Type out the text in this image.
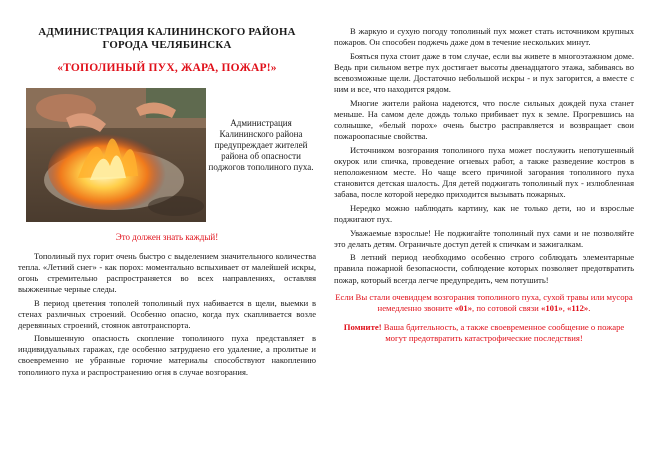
АДМИНИСТРАЦИЯ КАЛИНИНСКОГО РАЙОНА
ГОРОДА ЧЕЛЯБИНСКА
«ТОПОЛИНЫЙ ПУХ, ЖАРА, ПОЖАР!»
Администрация Калининского района предупреждает жителей района об опасности поджогов тополиного пуха.
Это должен знать каждый!

Тополиный пух горит очень быстро с выделением значительного количества тепла. «Летний снег» - как порох: моментально вспыхивает от малейшей искры, огонь стремительно распространяется во всех направлениях, оставляя выжженные черные следы.

В период цветения тополей тополиный пух набивается в щели, выемки в стенах различных строений. Особенно опасно, когда пух скапливается возле деревянных строений, стоянок автотранспорта.

Повышенную опасность скопление тополиного пуха представляет в индивидуальных гаражах, где особенно затруднено его удаление, а пролитые и своевременно не убранные горючие материалы способствуют накоплению тополиного пуха и распространению огня в случае возгорания.

В жаркую и сухую погоду тополиный пух может стать источником крупных пожаров. Он способен поджечь даже дом в течение нескольких минут.

Бояться пуха стоит даже в том случае, если вы живете в многоэтажном доме. Ведь при сильном ветре пух достигает высоты двенадцатого этажа, забиваясь во всевозможные щели. Достаточно небольшой искры - и пух загорится, а вместе с ним и все, что находится рядом.

Многие жители района надеются, что после сильных дождей пуха станет меньше. На самом деле дождь только прибивает пух к земле. Прогревшись на солнышке, «белый порох» очень быстро расправляется и возвращает свои пожароопасные свойства.

Источником возгорания тополиного пуха может послужить непотушенный окурок или спичка, проведение огневых работ, а также разведение костров в неположенном месте. Но чаще всего причиной загорания тополиного пуха становится детская шалость. Для детей поджигать тополиный пух - излюбленная забава, после которой нередко приходится вызывать пожарных.

Нередко можно наблюдать картину, как не только дети, но и взрослые поджигают пух.

Уважаемые взрослые! Не поджигайте тополиный пух сами и не позволяйте это делать детям. Ограничьте доступ детей к спичкам и зажигалкам.

В летний период необходимо особенно строго соблюдать элементарные правила пожарной безопасности, соблюдение которых позволяет предотвратить пожар, который всегда легче предупредить, чем потушить!

Если Вы стали очевидцем возгорания тополиного пуха, сухой травы или мусора немедленно звоните «01», по сотовой связи «101», «112».

Помните! Ваша бдительность, а также своевременное сообщение о пожаре могут предотвратить катастрофические последствия!
